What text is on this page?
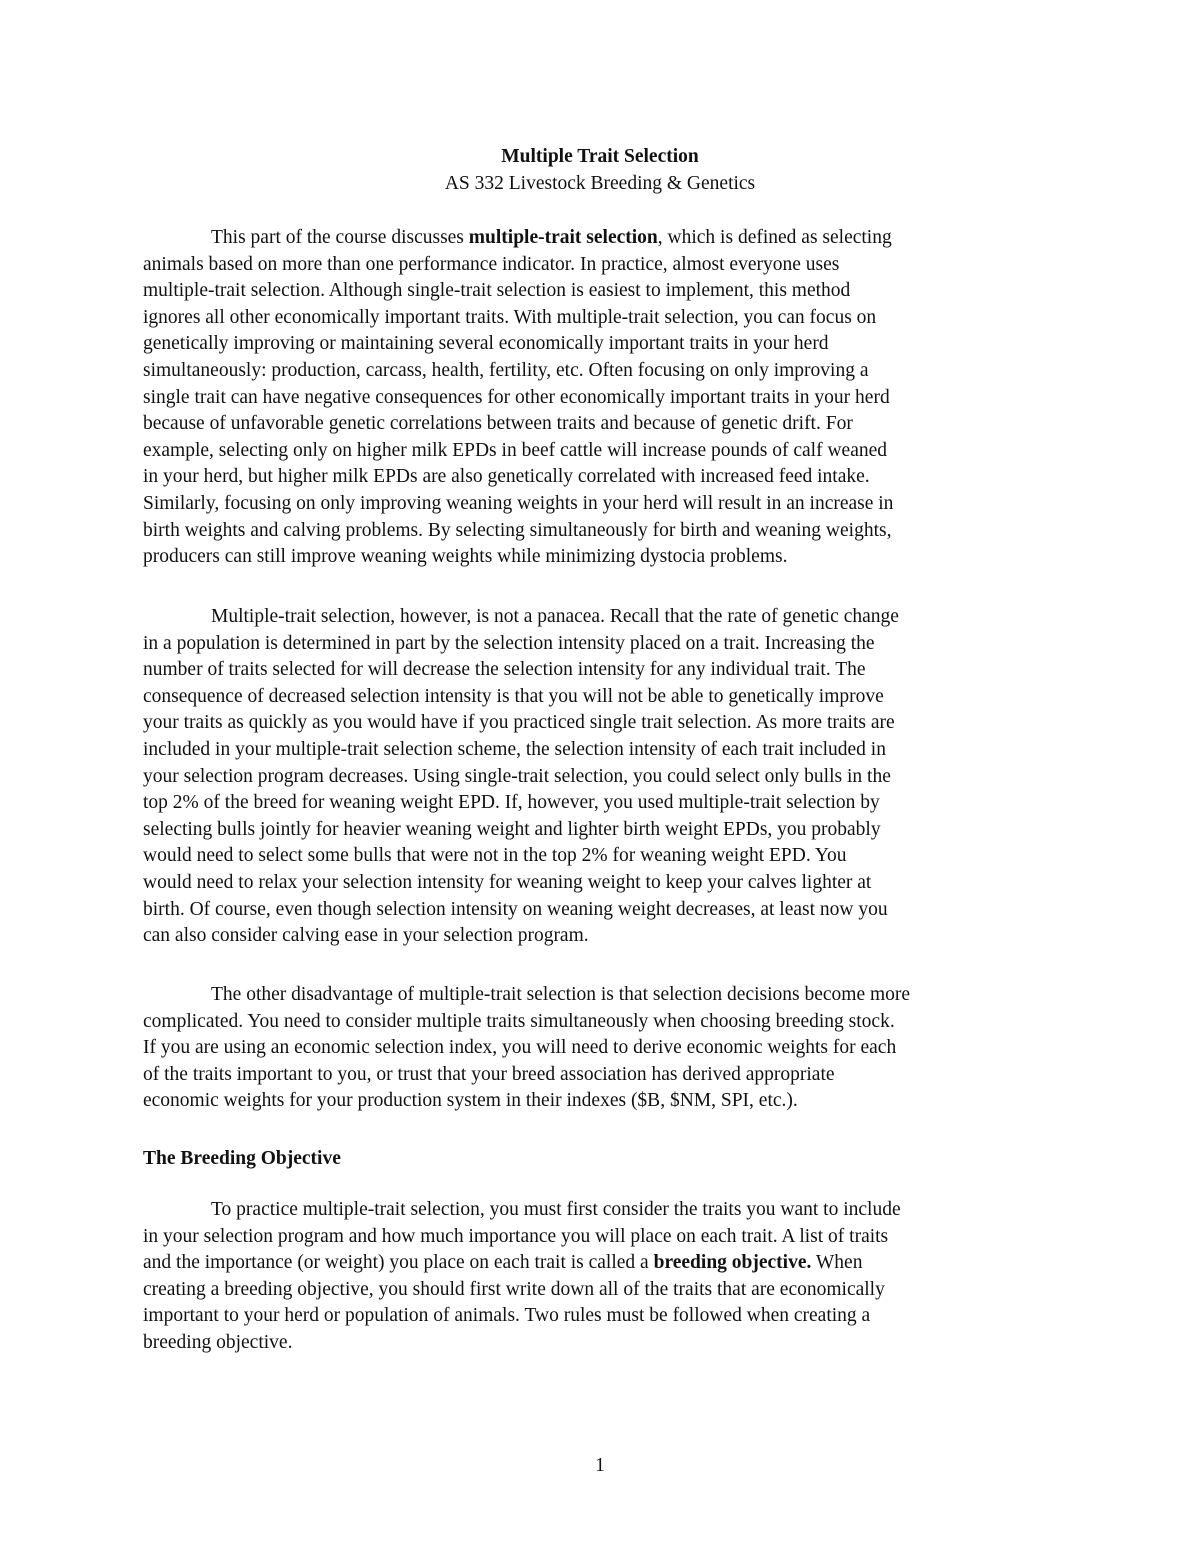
Multiple Trait Selection
AS 332 Livestock Breeding & Genetics
This part of the course discusses multiple-trait selection, which is defined as selecting
animals based on more than one performance indicator. In practice, almost everyone uses
multiple-trait selection. Although single-trait selection is easiest to implement, this method
ignores all other economically important traits. With multiple-trait selection, you can focus on
genetically improving or maintaining several economically important traits in your herd
simultaneously: production, carcass, health, fertility, etc. Often focusing on only improving a
single trait can have negative consequences for other economically important traits in your herd
because of unfavorable genetic correlations between traits and because of genetic drift. For
example, selecting only on higher milk EPDs in beef cattle will increase pounds of calf weaned
in your herd, but higher milk EPDs are also genetically correlated with increased feed intake.
Similarly, focusing on only improving weaning weights in your herd will result in an increase in
birth weights and calving problems. By selecting simultaneously for birth and weaning weights,
producers can still improve weaning weights while minimizing dystocia problems.
Multiple-trait selection, however, is not a panacea. Recall that the rate of genetic change
in a population is determined in part by the selection intensity placed on a trait. Increasing the
number of traits selected for will decrease the selection intensity for any individual trait. The
consequence of decreased selection intensity is that you will not be able to genetically improve
your traits as quickly as you would have if you practiced single trait selection. As more traits are
included in your multiple-trait selection scheme, the selection intensity of each trait included in
your selection program decreases. Using single-trait selection, you could select only bulls in the
top 2% of the breed for weaning weight EPD. If, however, you used multiple-trait selection by
selecting bulls jointly for heavier weaning weight and lighter birth weight EPDs, you probably
would need to select some bulls that were not in the top 2% for weaning weight EPD. You
would need to relax your selection intensity for weaning weight to keep your calves lighter at
birth. Of course, even though selection intensity on weaning weight decreases, at least now you
can also consider calving ease in your selection program.
The other disadvantage of multiple-trait selection is that selection decisions become more
complicated. You need to consider multiple traits simultaneously when choosing breeding stock.
If you are using an economic selection index, you will need to derive economic weights for each
of the traits important to you, or trust that your breed association has derived appropriate
economic weights for your production system in their indexes ($B, $NM, SPI, etc.).
The Breeding Objective
To practice multiple-trait selection, you must first consider the traits you want to include
in your selection program and how much importance you will place on each trait. A list of traits
and the importance (or weight) you place on each trait is called a breeding objective. When
creating a breeding objective, you should first write down all of the traits that are economically
important to your herd or population of animals. Two rules must be followed when creating a
breeding objective.
1
